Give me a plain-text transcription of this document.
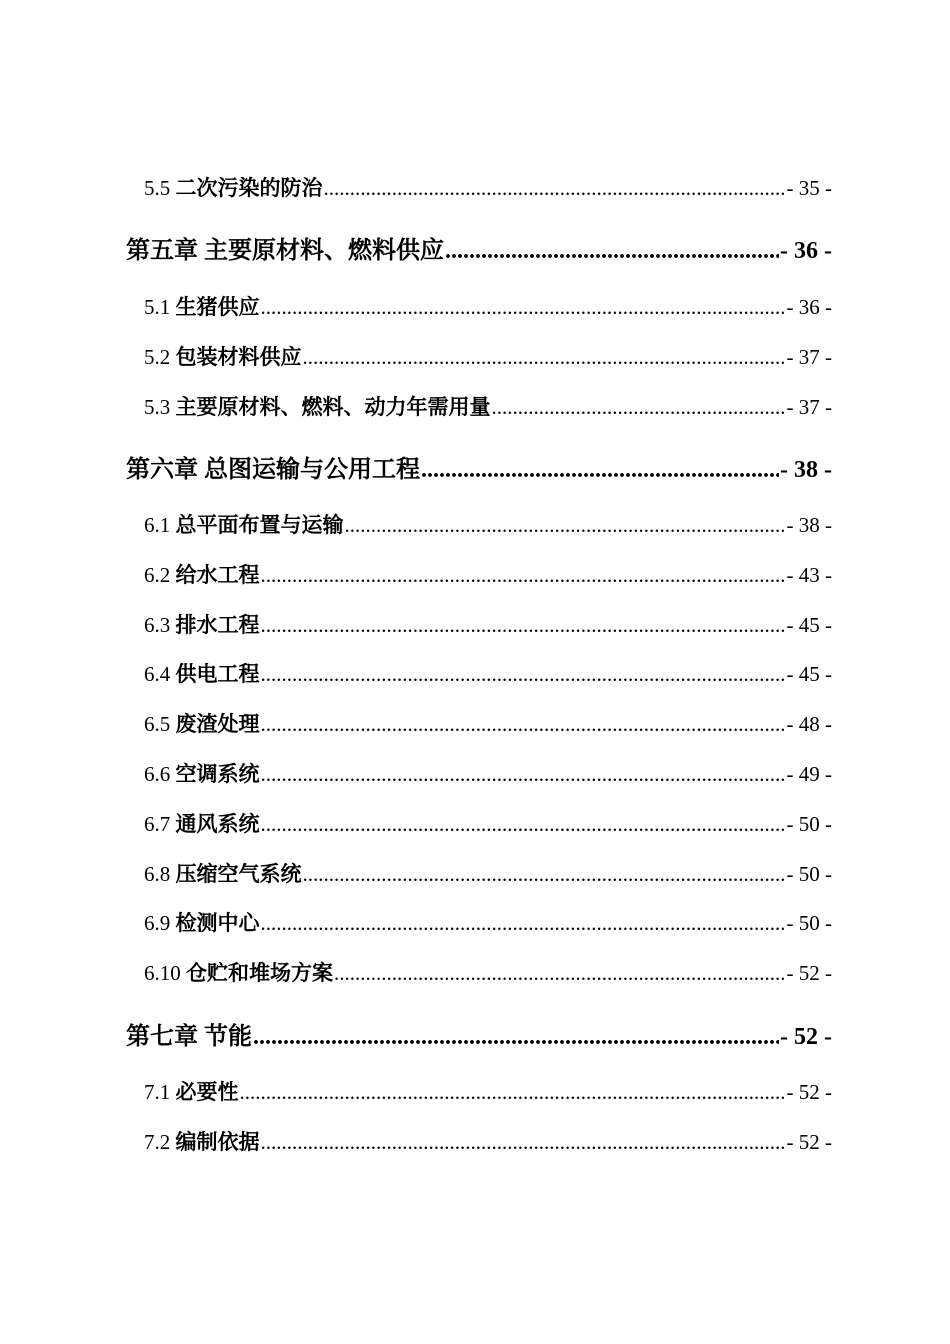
5.5 二次污染的防治 .....	- 35 -
第五章 主要原材料、燃料供应 .....	- 36 -
5.1 生猪供应 .....	- 36 -
5.2 包装材料供应 .....	- 37 -
5.3 主要原材料、燃料、动力年需用量 .....	- 37 -
第六章 总图运输与公用工程 .....	- 38 -
6.1 总平面布置与运输 .....	- 38 -
6.2 给水工程 .....	- 43 -
6.3 排水工程 .....	- 45 -
6.4 供电工程 .....	- 45 -
6.5 废渣处理 .....	- 48 -
6.6 空调系统 .....	- 49 -
6.7 通风系统 .....	- 50 -
6.8 压缩空气系统 .....	- 50 -
6.9 检测中心 .....	- 50 -
6.10 仓贮和堆场方案 .....	- 52 -
第七章 节能 .....	- 52 -
7.1 必要性 .....	- 52 -
7.2 编制依据 .....	- 52 -
